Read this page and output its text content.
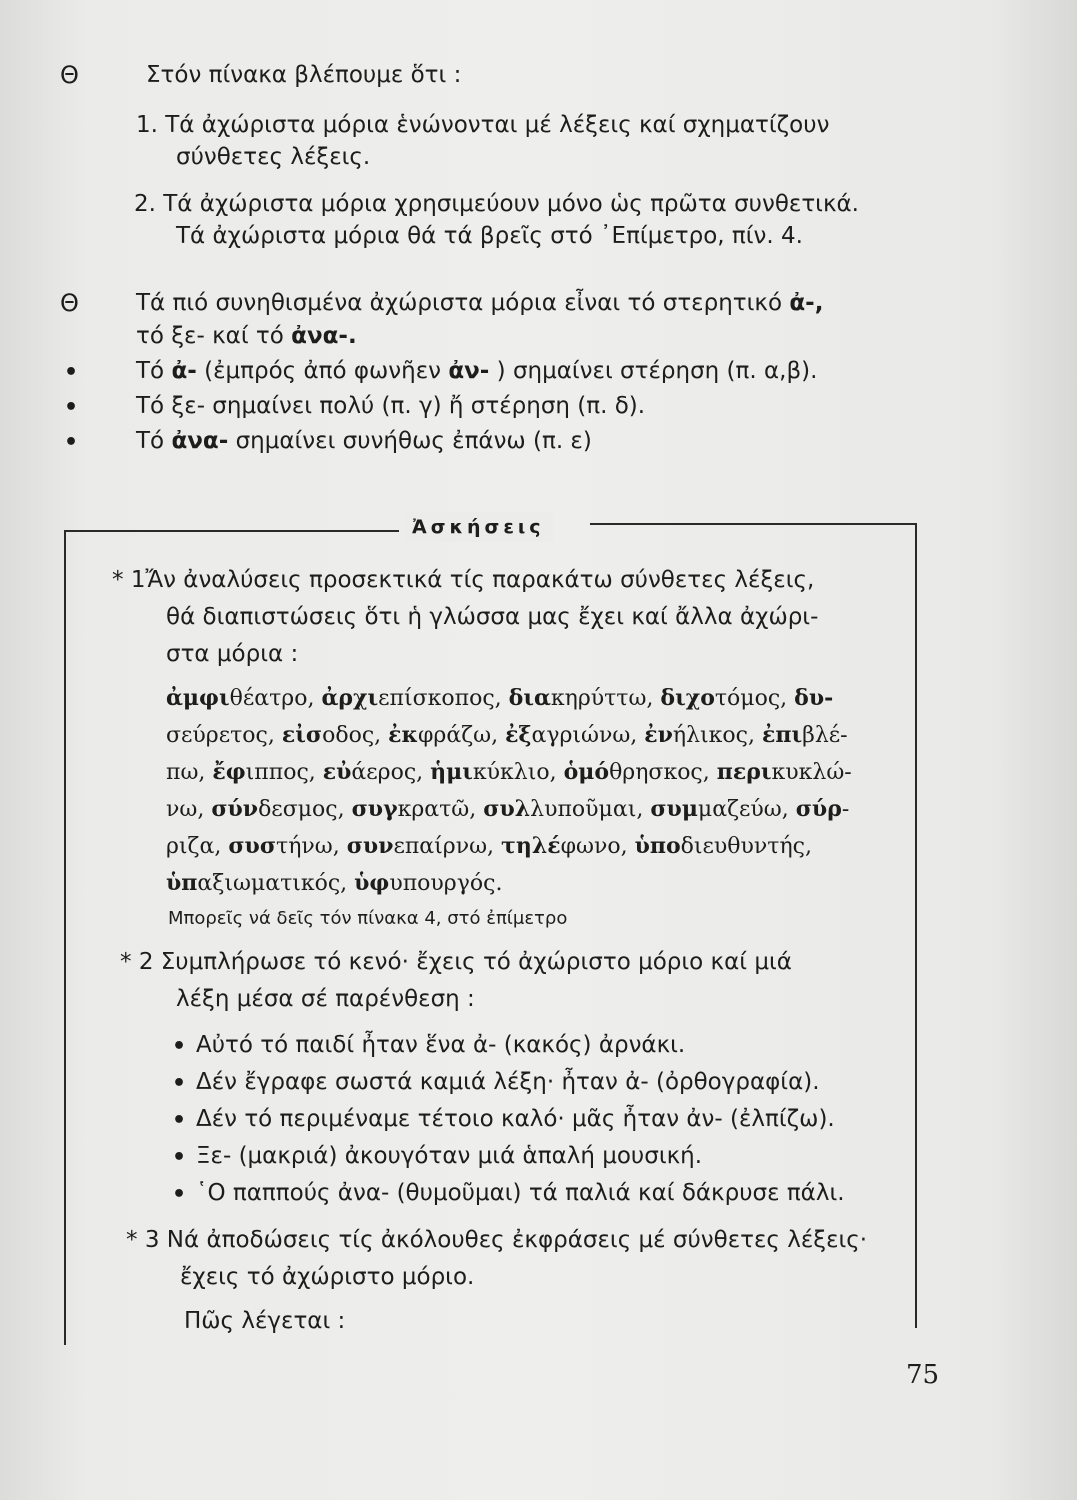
Θ	Στόν πίνακα βλέπουμε ὅτι :
1. Τά ἀχώριστα μόρια ἑνώνονται μέ λέξεις καί σχηματίζουν
σύνθετες λέξεις.
2. Τά ἀχώριστα μόρια χρησιμεύουν μόνο ὡς πρῶτα συνθετικά.
Τά ἀχώριστα μόρια θά τά βρεῖς στό ᾿Επίμετρο, πίν. 4.
Θ Τά πιό συνηθισμένα ἀχώριστα μόρια εἶναι τό στερητικό ἀ-,
τό ξε- καί τό ἀνα-.
•	Τό ἀ- (ἐμπρός ἀπό φωνῆεν ἀν- ) σημαίνει στέρηση (π. α,β).
•	Τό ξε- σημαίνει πολύ (π. γ) ἤ στέρηση (π. δ).
•	Τό ἀνα- σημαίνει συνήθως ἐπάνω (π. ε)
Ἀσκήσεις
* 1Ἄν ἀναλύσεις προσεκτικά τίς παρακάτω σύνθετες λέξεις,
θά διαπιστώσεις ὅτι ἡ γλώσσα μας ἔχει καί ἄλλα ἀχώρι-
στα μόρια :
ἀμφιθέατρο, ἀρχιεπίσκοπος, διακηρύττω, διχοτόμος, δυ-
σεύρετος, εἰσοδος, ἐκφράζω, ἐξαγριώνω, ἐνήλικος, ἐπιβλέ-
πω, ἔφιππος, εὐάερος, ἡμικύκλιο, ὁμόθρησκος, περικυκλώ-
νω, σύνδεσμος, συγκρατῶ, συλλυποῦμαι, συμμαζεύω, σύρ-
ριζα, συστήνω, συνεπαίρνω, τηλέφωνο, ὑποδιευθυντής,
ὑπαξιωματικός, ὑφυπουργός.
Μπορεῖς νά δεῖς τόν πίνακα 4, στό ἐπίμετρο
* 2 Συμπλήρωσε τό κενό· ἔχεις τό ἀχώριστο μόριο καί μιά
λέξη μέσα σέ παρένθεση :
• Αὐτό τό παιδί ἦταν ἕνα ἀ- (κακός) ἀρνάκι.
• Δέν ἔγραφε σωστά καμιά λέξη· ἦταν ἀ- (ὀρθογραφία).
• Δέν τό περιμέναμε τέτοιο καλό· μᾶς ἦταν ἀν- (ἐλπίζω).
• Ξε- (μακριά) ἀκουγόταν μιά ἁπαλή μουσική.
• ῾Ο παππούς ἀνα- (θυμοῦμαι) τά παλιά καί δάκρυσε πάλι.
* 3 Νά ἀποδώσεις τίς ἀκόλουθες ἐκφράσεις μέ σύνθετες λέξεις·
ἔχεις τό ἀχώριστο μόριο.
Πῶς λέγεται :
75
